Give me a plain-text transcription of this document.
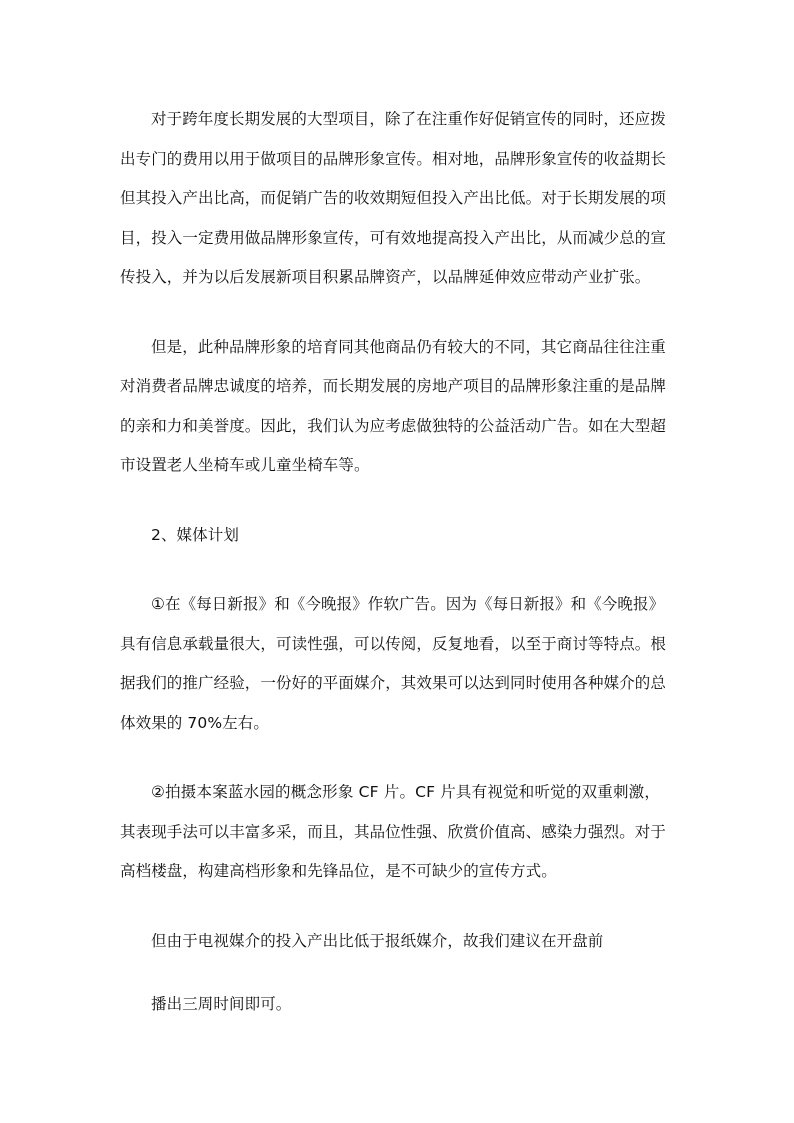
对于跨年度长期发展的大型项目，除了在注重作好促销宣传的同时，还应拨
出专门的费用以用于做项目的品牌形象宣传。相对地，品牌形象宣传的收益期长
但其投入产出比高，而促销广告的收效期短但投入产出比低。对于长期发展的项
目，投入一定费用做品牌形象宣传，可有效地提高投入产出比，从而减少总的宣
传投入，并为以后发展新项目积累品牌资产，以品牌延伸效应带动产业扩张。

但是，此种品牌形象的培育同其他商品仍有较大的不同，其它商品往往注重
对消费者品牌忠诚度的培养，而长期发展的房地产项目的品牌形象注重的是品牌
的亲和力和美誉度。因此，我们认为应考虑做独特的公益活动广告。如在大型超
市设置老人坐椅车或儿童坐椅车等。

2、媒体计划

①在《每日新报》和《今晚报》作软广告。因为《每日新报》和《今晚报》
具有信息承载量很大，可读性强，可以传阅，反复地看，以至于商讨等特点。根
据我们的推广经验，一份好的平面媒介，其效果可以达到同时使用各种媒介的总
体效果的 70%左右。

②拍摄本案蓝水园的概念形象 CF 片。CF 片具有视觉和听觉的双重刺激，
其表现手法可以丰富多采，而且，其品位性强、欣赏价值高、感染力强烈。对于
高档楼盘，构建高档形象和先锋品位，是不可缺少的宣传方式。

但由于电视媒介的投入产出比低于报纸媒介，故我们建议在开盘前

播出三周时间即可。
